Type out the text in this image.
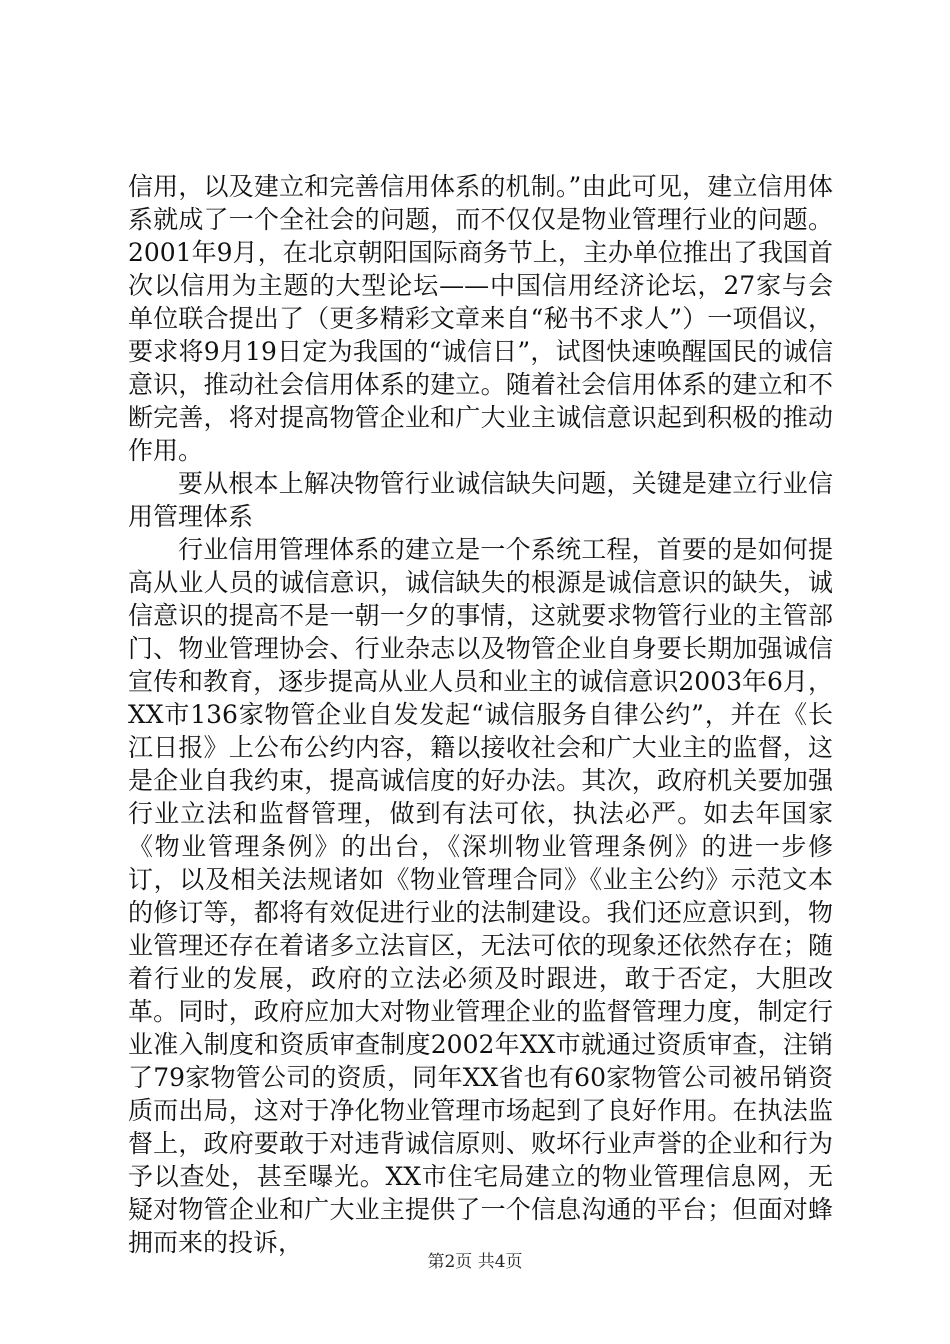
信用，以及建立和完善信用体系的机制。”由此可见，建立信用体系就成了一个全社会的问题，而不仅仅是物业管理行业的问题。2001年9月，在北京朝阳国际商务节上，主办单位推出了我国首次以信用为主题的大型论坛——中国信用经济论坛，27家与会单位联合提出了（更多精彩文章来自“秘书不求人”）一项倡议，要求将9月19日定为我国的“诚信日”，试图快速唤醒国民的诚信意识，推动社会信用体系的建立。随着社会信用体系的建立和不断完善，将对提高物管企业和广大业主诚信意识起到积极的推动作用。

要从根本上解决物管行业诚信缺失问题，关键是建立行业信用管理体系

行业信用管理体系的建立是一个系统工程，首要的是如何提高从业人员的诚信意识，诚信缺失的根源是诚信意识的缺失，诚信意识的提高不是一朝一夕的事情，这就要求物管行业的主管部门、物业管理协会、行业杂志以及物管企业自身要长期加强诚信宣传和教育，逐步提高从业人员和业主的诚信意识2003年6月，XX市136家物管企业自发发起“诚信服务自律公约”，并在《长江日报》上公布公约内容，籍以接收社会和广大业主的监督，这是企业自我约束，提高诚信度的好办法。其次，政府机关要加强行业立法和监督管理，做到有法可依，执法必严。如去年国家《物业管理条例》的出台，《深圳物业管理条例》的进一步修订，以及相关法规诸如《物业管理合同》《业主公约》示范文本的修订等，都将有效促进行业的法制建设。我们还应意识到，物业管理还存在着诸多立法盲区，无法可依的现象还依然存在；随着行业的发展，政府的立法必须及时跟进，敢于否定，大胆改革。同时，政府应加大对物业管理企业的监督管理力度，制定行业准入制度和资质审查制度2002年XX市就通过资质审查，注销了79家物管公司的资质，同年XX省也有60家物管公司被吊销资质而出局，这对于净化物业管理市场起到了良好作用。在执法监督上，政府要敢于对违背诚信原则、败坏行业声誉的企业和行为予以查处，甚至曝光。XX市住宅局建立的物业管理信息网，无疑对物管企业和广大业主提供了一个信息沟通的平台；但面对蜂拥而来的投诉，

第2页 共4页
